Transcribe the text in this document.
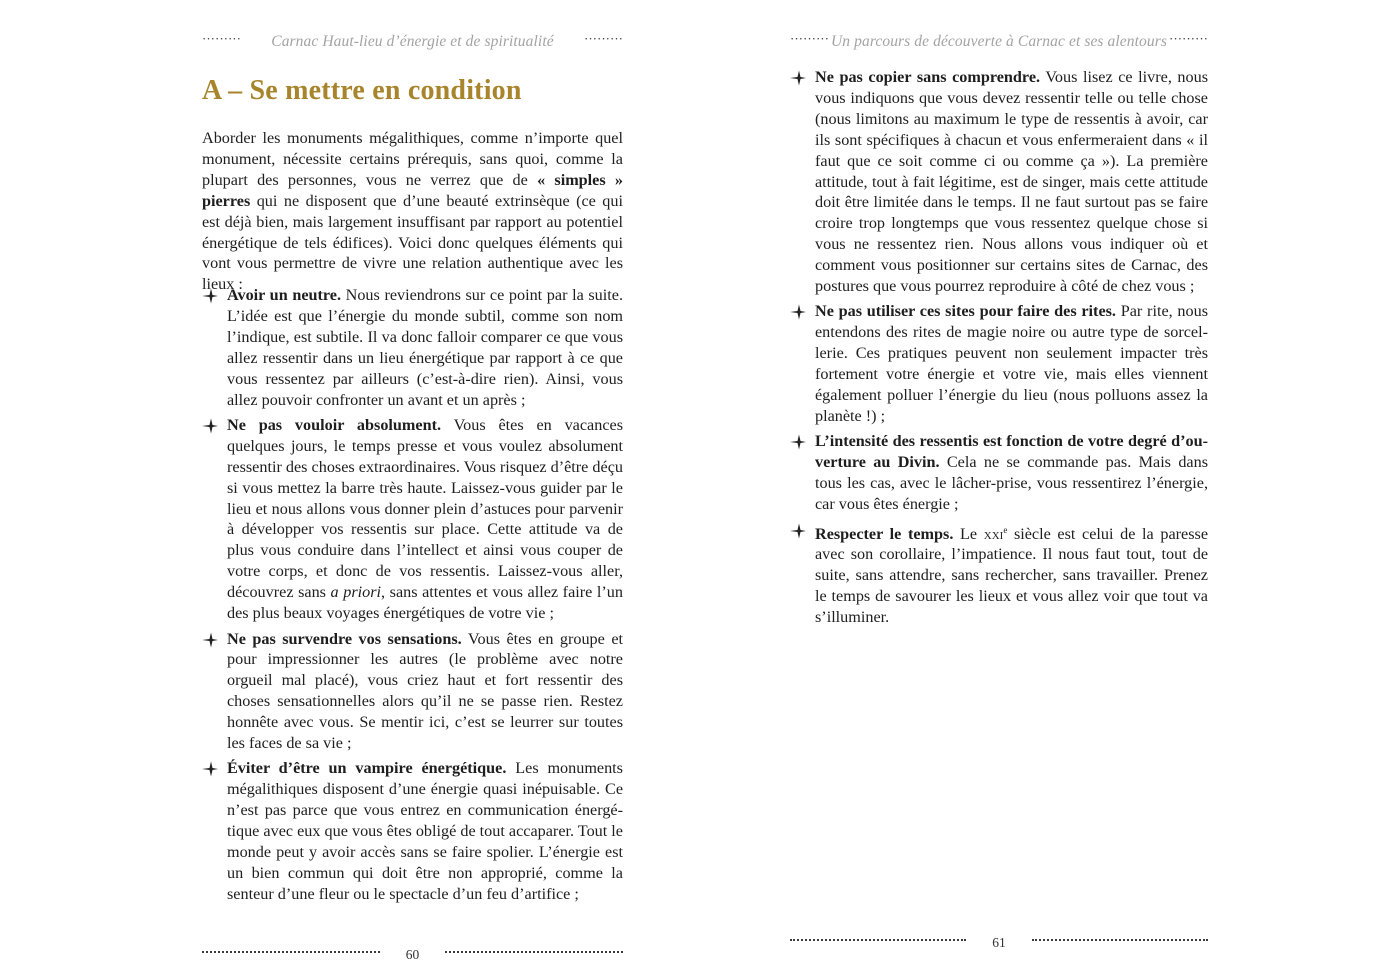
········· Carnac Haut-lieu d’énergie et de spiritualité ·········
A – Se mettre en condition

Aborder les monuments mégalithiques, comme n’importe quel monument, nécessite certains prérequis, sans quoi, comme la plupart des personnes, vous ne verrez que de « simples » pierres qui ne disposent que d’une beauté extrinsèque (ce qui est déjà bien, mais largement insuffisant par rapport au potentiel énergétique de tels édifices). Voici donc quelques éléments qui vont vous permettre de vivre une relation authentique avec les lieux :

Avoir un neutre. Nous reviendrons sur ce point par la suite. L’idée est que l’énergie du monde subtil, comme son nom l’indique, est subtile. Il va donc falloir comparer ce que vous allez ressentir dans un lieu énergétique par rapport à ce que vous ressentez par ailleurs (c’est-à-dire rien). Ainsi, vous allez pouvoir confronter un avant et un après ;
Ne pas vouloir absolument. Vous êtes en vacances quelques jours, le temps presse et vous voulez absolument ressentir des choses extraordinaires. Vous risquez d’être déçu si vous mettez la barre très haute. Laissez-vous guider par le lieu et nous allons vous donner plein d’astuces pour parvenir à développer vos ressentis sur place. Cette attitude va de plus vous conduire dans l’intellect et ainsi vous couper de votre corps, et donc de vos ressentis. Laissez-vous aller, découvrez sans a priori, sans attentes et vous allez faire l’un des plus beaux voyages énergétiques de votre vie ;
Ne pas survendre vos sensations. Vous êtes en groupe et pour impressionner les autres (le problème avec notre orgueil mal placé), vous criez haut et fort ressentir des choses sensationnelles alors qu’il ne se passe rien. Restez honnête avec vous. Se mentir ici, c’est se leurrer sur toutes les faces de sa vie ;
Éviter d’être un vampire énergétique. Les monuments mégalithiques disposent d’une énergie quasi inépuisable. Ce n’est pas parce que vous entrez en communication énergétique avec eux que vous êtes obligé de tout accaparer. Tout le monde peut y avoir accès sans se faire spolier. L’énergie est un bien commun qui doit être non approprié, comme la senteur d’une fleur ou le spectacle d’un feu d’artifice ;
60
········· Un parcours de découverte à Carnac et ses alentours ·········
Ne pas copier sans comprendre. Vous lisez ce livre, nous vous indiquons que vous devez ressentir telle ou telle chose (nous limitons au maximum le type de ressentis à avoir, car ils sont spécifiques à chacun et vous enfermeraient dans « il faut que ce soit comme ci ou comme ça »). La première attitude, tout à fait légitime, est de singer, mais cette attitude doit être limitée dans le temps. Il ne faut surtout pas se faire croire trop longtemps que vous ressentez quelque chose si vous ne ressentez rien. Nous allons vous indiquer où et comment vous positionner sur certains sites de Carnac, des postures que vous pourrez reproduire à côté de chez vous ;
Ne pas utiliser ces sites pour faire des rites. Par rite, nous entendons des rites de magie noire ou autre type de sorcellerie. Ces pratiques peuvent non seulement impacter très fortement votre énergie et votre vie, mais elles viennent également polluer l’énergie du lieu (nous polluons assez la planète !) ;
L’intensité des ressentis est fonction de votre degré d’ouverture au Divin. Cela ne se commande pas. Mais dans tous les cas, avec le lâcher-prise, vous ressentirez l’énergie, car vous êtes énergie ;
Respecter le temps. Le xxi$^e$ siècle est celui de la paresse avec son corollaire, l’impatience. Il nous faut tout, tout de suite, sans attendre, sans rechercher, sans travailler. Prenez le temps de savourer les lieux et vous allez voir que tout va s’illuminer.
61
